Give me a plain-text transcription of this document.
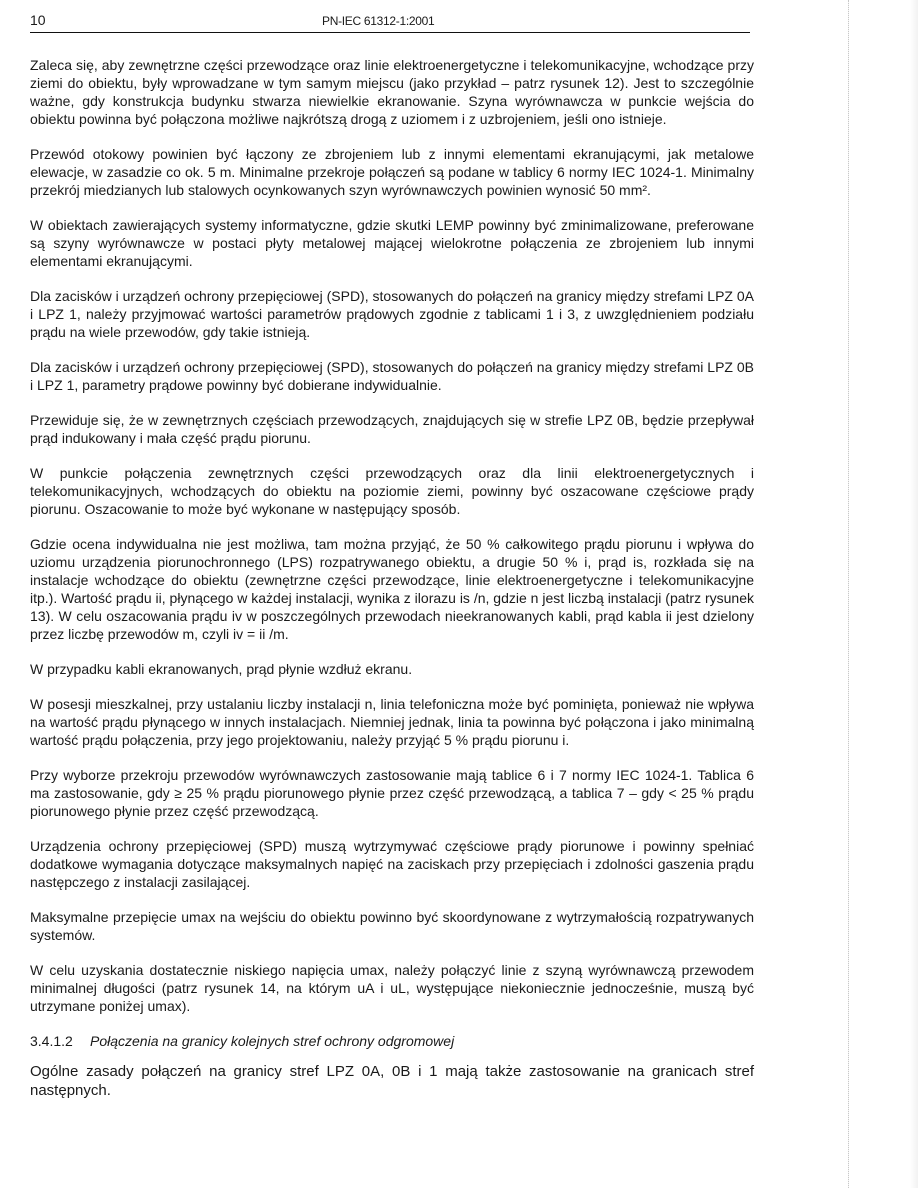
10	PN-IEC 61312-1:2001

Zaleca się, aby zewnętrzne części przewodzące oraz linie elektroenergetyczne i telekomunikacyjne, wchodzące przy ziemi do obiektu, były wprowadzane w tym samym miejscu (jako przykład – patrz rysunek 12). Jest to szczególnie ważne, gdy konstrukcja budynku stwarza niewielkie ekranowanie. Szyna wyrównawcza w punkcie wejścia do obiektu powinna być połączona możliwe najkrótszą drogą z uziomem i z uzbrojeniem, jeśli ono istnieje.

Przewód otokowy powinien być łączony ze zbrojeniem lub z innymi elementami ekranującymi, jak metalowe elewacje, w zasadzie co ok. 5 m. Minimalne przekroje połączeń są podane w tablicy 6 normy IEC 1024-1. Minimalny przekrój miedzianych lub stalowych ocynkowanych szyn wyrównawczych powinien wynosić 50 mm².

W obiektach zawierających systemy informatyczne, gdzie skutki LEMP powinny być zminimalizowane, preferowane są szyny wyrównawcze w postaci płyty metalowej mającej wielokrotne połączenia ze zbrojeniem lub innymi elementami ekranującymi.

Dla zacisków i urządzeń ochrony przepięciowej (SPD), stosowanych do połączeń na granicy między strefami LPZ 0A i LPZ 1, należy przyjmować wartości parametrów prądowych zgodnie z tablicami 1 i 3, z uwzględnieniem podziału prądu na wiele przewodów, gdy takie istnieją.

Dla zacisków i urządzeń ochrony przepięciowej (SPD), stosowanych do połączeń na granicy między strefami LPZ 0B i LPZ 1, parametry prądowe powinny być dobierane indywidualnie.

Przewiduje się, że w zewnętrznych częściach przewodzących, znajdujących się w strefie LPZ 0B, będzie przepływał prąd indukowany i mała część prądu piorunu.

W punkcie połączenia zewnętrznych części przewodzących oraz dla linii elektroenergetycznych i telekomunikacyjnych, wchodzących do obiektu na poziomie ziemi, powinny być oszacowane częściowe prądy piorunu. Oszacowanie to może być wykonane w następujący sposób.

Gdzie ocena indywidualna nie jest możliwa, tam można przyjąć, że 50 % całkowitego prądu piorunu i wpływa do uziomu urządzenia piorunochronnego (LPS) rozpatrywanego obiektu, a drugie 50 % i, prąd is, rozkłada się na instalacje wchodzące do obiektu (zewnętrzne części przewodzące, linie elektroenergetyczne i telekomunikacyjne itp.). Wartość prądu ii, płynącego w każdej instalacji, wynika z ilorazu is /n, gdzie n jest liczbą instalacji (patrz rysunek 13). W celu oszacowania prądu iv w poszczególnych przewodach nieekranowanych kabli, prąd kabla ii jest dzielony przez liczbę przewodów m, czyli iv = ii /m.

W przypadku kabli ekranowanych, prąd płynie wzdłuż ekranu.

W posesji mieszkalnej, przy ustalaniu liczby instalacji n, linia telefoniczna może być pominięta, ponieważ nie wpływa na wartość prądu płynącego w innych instalacjach. Niemniej jednak, linia ta powinna być połączona i jako minimalną wartość prądu połączenia, przy jego projektowaniu, należy przyjąć 5 % prądu piorunu i.

Przy wyborze przekroju przewodów wyrównawczych zastosowanie mają tablice 6 i 7 normy IEC 1024-1. Tablica 6 ma zastosowanie, gdy ≥ 25 % prądu piorunowego płynie przez część przewodzącą, a tablica 7 – gdy < 25 % prądu piorunowego płynie przez część przewodzącą.

Urządzenia ochrony przepięciowej (SPD) muszą wytrzymywać częściowe prądy piorunowe i powinny spełniać dodatkowe wymagania dotyczące maksymalnych napięć na zaciskach przy przepięciach i zdolności gaszenia prądu następczego z instalacji zasilającej.

Maksymalne przepięcie umax na wejściu do obiektu powinno być skoordynowane z wytrzymałością rozpatrywanych systemów.

W celu uzyskania dostatecznie niskiego napięcia umax, należy połączyć linie z szyną wyrównawczą przewodem minimalnej długości (patrz rysunek 14, na którym uA i uL, występujące niekoniecznie jednocześnie, muszą być utrzymane poniżej umax).

3.4.1.2 Połączenia na granicy kolejnych stref ochrony odgromowej

Ogólne zasady połączeń na granicy stref LPZ 0A, 0B i 1 mają także zastosowanie na granicach stref następnych.
